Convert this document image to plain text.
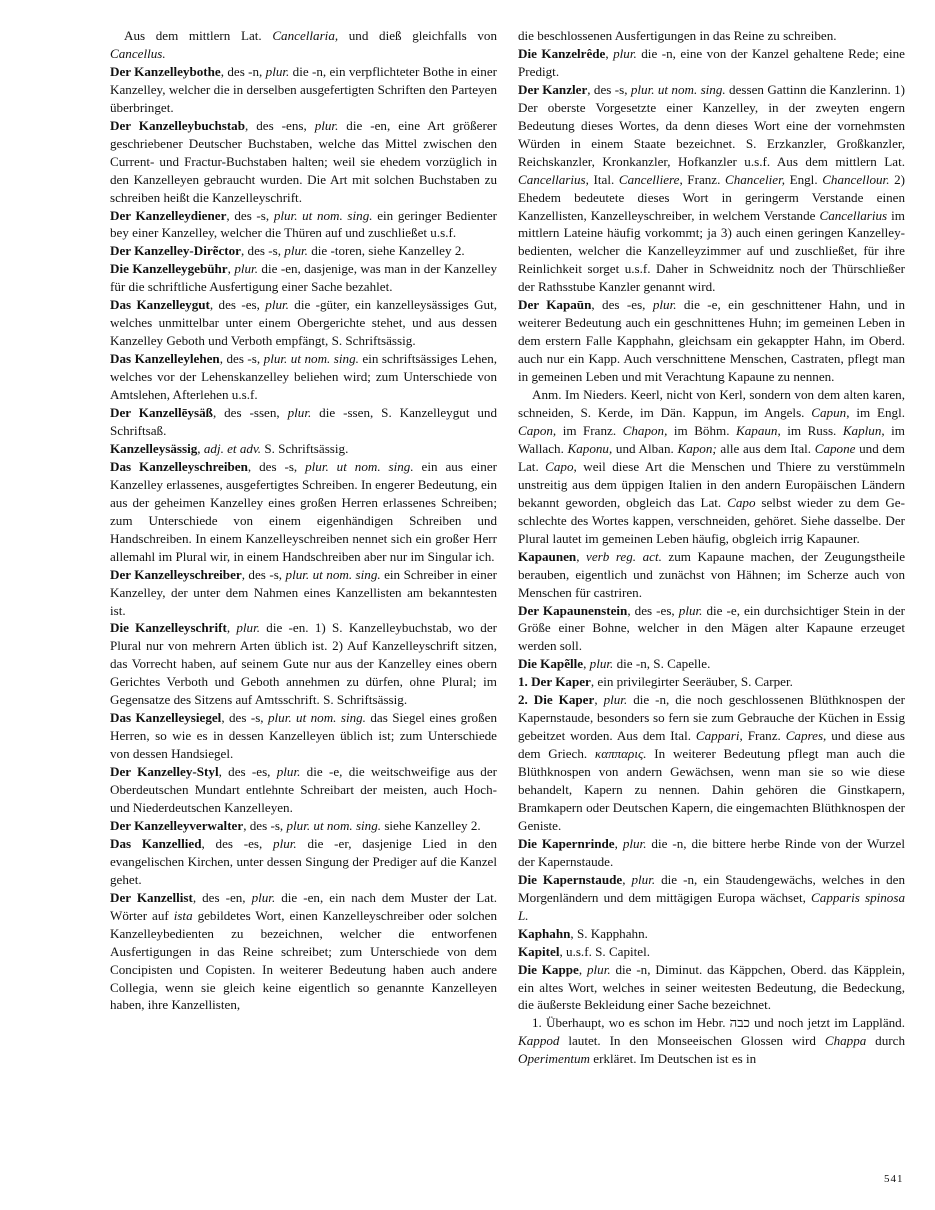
Aus dem mittlern Lat. Cancellaria, und dieß gleichfalls von Cancellus.

Der Kanzelleybothe, des -n, plur. die -n, ein verpflichteter Bothe in einer Kanzelley, welcher die in derselben ausgefertigten Schriften den Parteyen überbringet.

Der Kanzelleybuchstab, des -ens, plur. die -en, eine Art größerer geschriebener Deutscher Buchstaben, welche das Mittel zwischen den Current- und Fractur-Buchstaben halten; weil sie ehedem vorzüglich in den Kanzelleyen gebraucht wurden. Die Art mit solchen Buchstaben zu schreiben heißt die Kanzelleyschrift.

Der Kanzelleydiener, des -s, plur. ut nom. sing. ein geringer Bedienter bey einer Kanzelley, welcher die Thüren auf und zuschließet u.s.f.

Der Kanzelley-Dirẽctor, des -s, plur. die -toren, siehe Kanzelley 2.

Die Kanzelleygebühr, plur. die -en, dasjenige, was man in der Kanzelley für die schriftliche Ausfertigung einer Sache bezahlet.

Das Kanzelleygut, des -es, plur. die -güter, ein kanzelleysässiges Gut, welches unmittelbar unter einem Obergerichte stehet, und aus dessen Kanzelley Geboth und Verboth empfängt, S. Schriftsässig.

Das Kanzelleylehen, des -s, plur. ut nom. sing. ein schriftsässiges Lehen, welches vor der Lehenskanzelley beliehen wird; zum Unterschiede von Amtslehen, Afterlehen u.s.f.

Der Kanzellēysäß, des -ssen, plur. die -ssen, S. Kanzelleygut und Schriftsaß.

Kanzelleysässig, adj. et adv. S. Schriftsässig.

Das Kanzelleyschreiben, des -s, plur. ut nom. sing. ein aus einer Kanzelley erlassenes, ausgefertigtes Schreiben. In engerer Bedeutung, ein aus der geheimen Kanzelley eines großen Herren erlassenes Schreiben; zum Unterschiede von einem eigenhändigen Schreiben und Handschreiben. In einem Kanzelleyschreiben nennet sich ein großer Herr allemahl im Plural wir, in einem Handschreiben aber nur im Singular ich.

Der Kanzelleyschreiber, des -s, plur. ut nom. sing. ein Schreiber in einer Kanzelley, der unter dem Nahmen eines Kanzellisten am bekanntesten ist.

Die Kanzelleyschrift, plur. die -en. 1) S. Kanzelleybuchstab, wo der Plural nur von mehrern Arten üblich ist. 2) Auf Kanzelleyschrift sitzen, das Vorrecht haben, auf seinem Gute nur aus der Kanzelley eines obern Gerichtes Verboth und Geboth annehmen zu dürfen, ohne Plural; im Gegensatze des Sitzens auf Amtsschrift. S. Schriftsässig.

Das Kanzelleysiegel, des -s, plur. ut nom. sing. das Siegel eines großen Herren, so wie es in dessen Kanzelleyen üblich ist; zum Unterschiede von dessen Handsiegel.

Der Kanzelley-Styl, des -es, plur. die -e, die weitschweifige aus der Oberdeutschen Mundart entlehnte Schreibart der meisten, auch Hoch- und Niederdeutschen Kanzelleyen.

Der Kanzelleyverwalter, des -s, plur. ut nom. sing. siehe Kanzelley 2.

Das Kanzellied, des -es, plur. die -er, dasjenige Lied in den evangelischen Kirchen, unter dessen Singung der Prediger auf die Kanzel gehet.

Der Kanzellist, des -en, plur. die -en, ein nach dem Muster der Lat. Wörter auf ista gebildetes Wort, einen Kanzelleyschreiber oder solchen Kanzelleybedienten zu bezeichnen, welcher die entworfenen Ausfertigungen in das Reine schreibet; zum Unterschiede von dem Concipisten und Copisten. In weiterer Bedeutung haben auch andere Collegia, wenn sie gleich keine eigentlich so genannte Kanzelleyen haben, ihre Kanzellisten,

die beschlossenen Ausfertigungen in das Reine zu schreiben.

Die Kanzelrêde, plur. die -n, eine von der Kanzel gehaltene Rede; eine Predigt.

Der Kanzler, des -s, plur. ut nom. sing. dessen Gattinn die Kanzlerinn. 1) Der oberste Vorgesetzte einer Kanzelley, in der zweyten engern Bedeutung dieses Wortes, da denn dieses Wort eine der vornehmsten Würden in einem Staate bezeichnet. S. Erzkanzler, Großkanzler, Reichskanzler, Kronkanzler, Hofkanzler u.s.f. Aus dem mittlern Lat. Cancellarius, Ital. Cancelliere, Franz. Chancelier, Engl. Chancellour. 2) Ehedem bedeutete dieses Wort in geringerm Verstande einen Kanzellisten, Kanzelleyschreiber, in welchem Verstande Cancellarius im mittlern Lateine häufig vorkommt; ja 3) auch einen geringen Kanzelleybedienten, welcher die Kanzelleyzimmer auf und zuschließet, für ihre Reinlichkeit sorget u.s.f. Daher in Schweidnitz noch der Thürschließer der Rathsstube Kanzler genannt wird.

Der Kapaūn, des -es, plur. die -e, ein geschnittener Hahn, und in weiterer Bedeutung auch ein geschnittenes Huhn; im gemeinen Leben in dem erstern Falle Kapphahn, gleichsam ein gekappter Hahn, im Oberd. auch nur ein Kapp. Auch verschnittene Menschen, Castraten, pflegt man in gemeinen Leben und mit Verachtung Kapaune zu nennen.

Anm. Im Nieders. Keerl, nicht von Kerl, sondern von dem alten karen, schneiden, S. Kerde, im Dän. Kappun, im Angels. Capun, im Engl. Capon, im Franz. Chapon, im Böhm. Kapaun, im Russ. Kaplun, im Wallach. Kaponu, und Alban. Kapon; alle aus dem Ital. Capone und dem Lat. Capo, weil diese Art die Menschen und Thiere zu verstümmeln unstreitig aus dem üppigen Italien in den andern Europäischen Ländern bekannt geworden, obgleich das Lat. Capo selbst wieder zu dem Geschlechte des Wortes kappen, verschneiden, gehöret. Siehe dasselbe. Der Plural lautet im gemeinen Leben häufig, obgleich irrig Kapauner.

Kapaunen, verb reg. act. zum Kapaune machen, der Zeugungstheile berauben, eigentlich und zunächst von Hähnen; im Scherze auch von Menschen für castriren.

Der Kapaunenstein, des -es, plur. die -e, ein durchsichtiger Stein in der Größe einer Bohne, welcher in den Mägen alter Kapaune erzeuget werden soll.

Die Kapẽlle, plur. die -n, S. Capelle.

1. Der Kaper, ein privilegirter Seeräuber, S. Carper.

2. Die Kaper, plur. die -n, die noch geschlossenen Blüthknospen der Kapernstaude, besonders so fern sie zum Gebrauche der Küchen in Essig gebeitzet worden. Aus dem Ital. Cappari, Franz. Capres, und diese aus dem Griech. καππαρις. In weiterer Bedeutung pflegt man auch die Blüthknospen von andern Gewächsen, wenn man sie so wie diese behandelt, Kapern zu nennen. Dahin gehören die Ginstkapern, Bramkapern oder Deutschen Kapern, die eingemachten Blüthknospen der Geniste.

Die Kapernrinde, plur. die -n, die bittere herbe Rinde von der Wurzel der Kapernstaude.

Die Kapernstaude, plur. die -n, ein Staudengewächs, welches in den Morgenländern und dem mittägigen Europa wächset, Capparis spinosa L.

Kaphahn, S. Kapphahn.

Kapitel, u.s.f. S. Capitel.

Die Kappe, plur. die -n, Diminut. das Käppchen, Oberd. das Käpplein, ein altes Wort, welches in seiner weitesten Bedeutung, die Bedeckung, die äußerste Bekleidung einer Sache bezeichnet.

1. Überhaupt, wo es schon im Hebr. כבה und noch jetzt im Lappländ. Kappod lautet. In den Monseeischen Glossen wird Chappa durch Operimentum erkläret. Im Deutschen ist es in

541
